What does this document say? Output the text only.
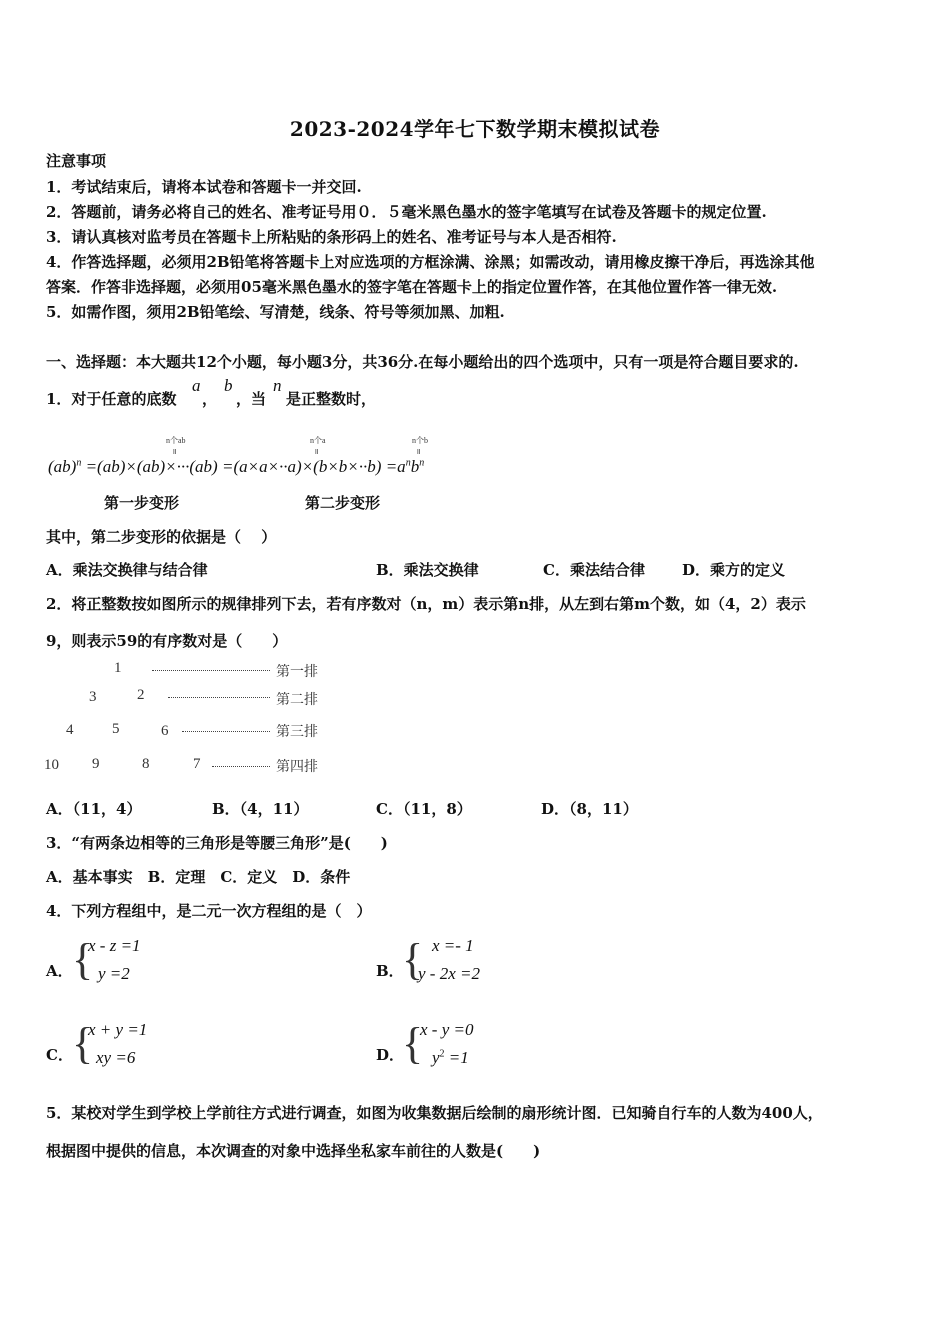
2023-2024学年七下数学期末模拟试卷
注意事项
1．考试结束后，请将本试卷和答题卡一并交回.
2．答题前，请务必将自己的姓名、准考证号用０．５毫米黑色墨水的签字笔填写在试卷及答题卡的规定位置.
3．请认真核对监考员在答题卡上所粘贴的条形码上的姓名、准考证号与本人是否相符.
4．作答选择题，必须用2B铅笔将答题卡上对应选项的方框涂满、涂黑；如需改动，请用橡皮擦干净后，再选涂其他
答案．作答非选择题，必须用05毫米黑色墨水的签字笔在答题卡上的指定位置作答，在其他位置作答一律无效.
5．如需作图，须用2B铅笔绘、写清楚，线条、符号等须加黑、加粗.
一、选择题：本大题共12个小题，每小题3分，共36分.在每小题给出的四个选项中，只有一项是符合题目要求的.
1．对于任意的底数
a
，
b
，当
n
是正整数时，
n个ab
॥
n个a
॥
n个b
॥
$(ab)^n =(ab)\times(ab)\times\cdot\cdot\cdot(ab) =(a\times a\times\cdot\cdot a)\times(b\times b\times\cdot\cdot b) =a^nb^n$
第一步变形	第二步变形
其中，第二步变形的依据是（　 ）
A．乘法交换律与结合律	B．乘法交换律	C．乘法结合律 D．乘方的定义
2．将正整数按如图所示的规律排列下去，若有序数对（n，m）表示第n排，从左到右第m个数，如（4，2）表示
9，则表示59的有序数对是（　　）
1	第一排
3	2	第二排
4	5	6	第三排
10 9	8	7	第四排
A．（11，4）	B．（4，11）	C．（11，8）	D．（8，11）
3．“有两条边相等的三角形是等腰三角形”是(　　)
A．基本事实　B．定理　C．定义　D．条件
4．下列方程组中，是二元一次方程组的是（　）
A． {
x - z =1
y =2	B．
{ x =- 1
y - 2x =2
C． {
x + y =1
xy =6	D．
{
x - y =0
$y^2 =1$
5．某校对学生到学校上学前往方式进行调查，如图为收集数据后绘制的扇形统计图．已知骑自行车的人数为400人，
根据图中提供的信息，本次调查的对象中选择坐私家车前往的人数是(　　)
